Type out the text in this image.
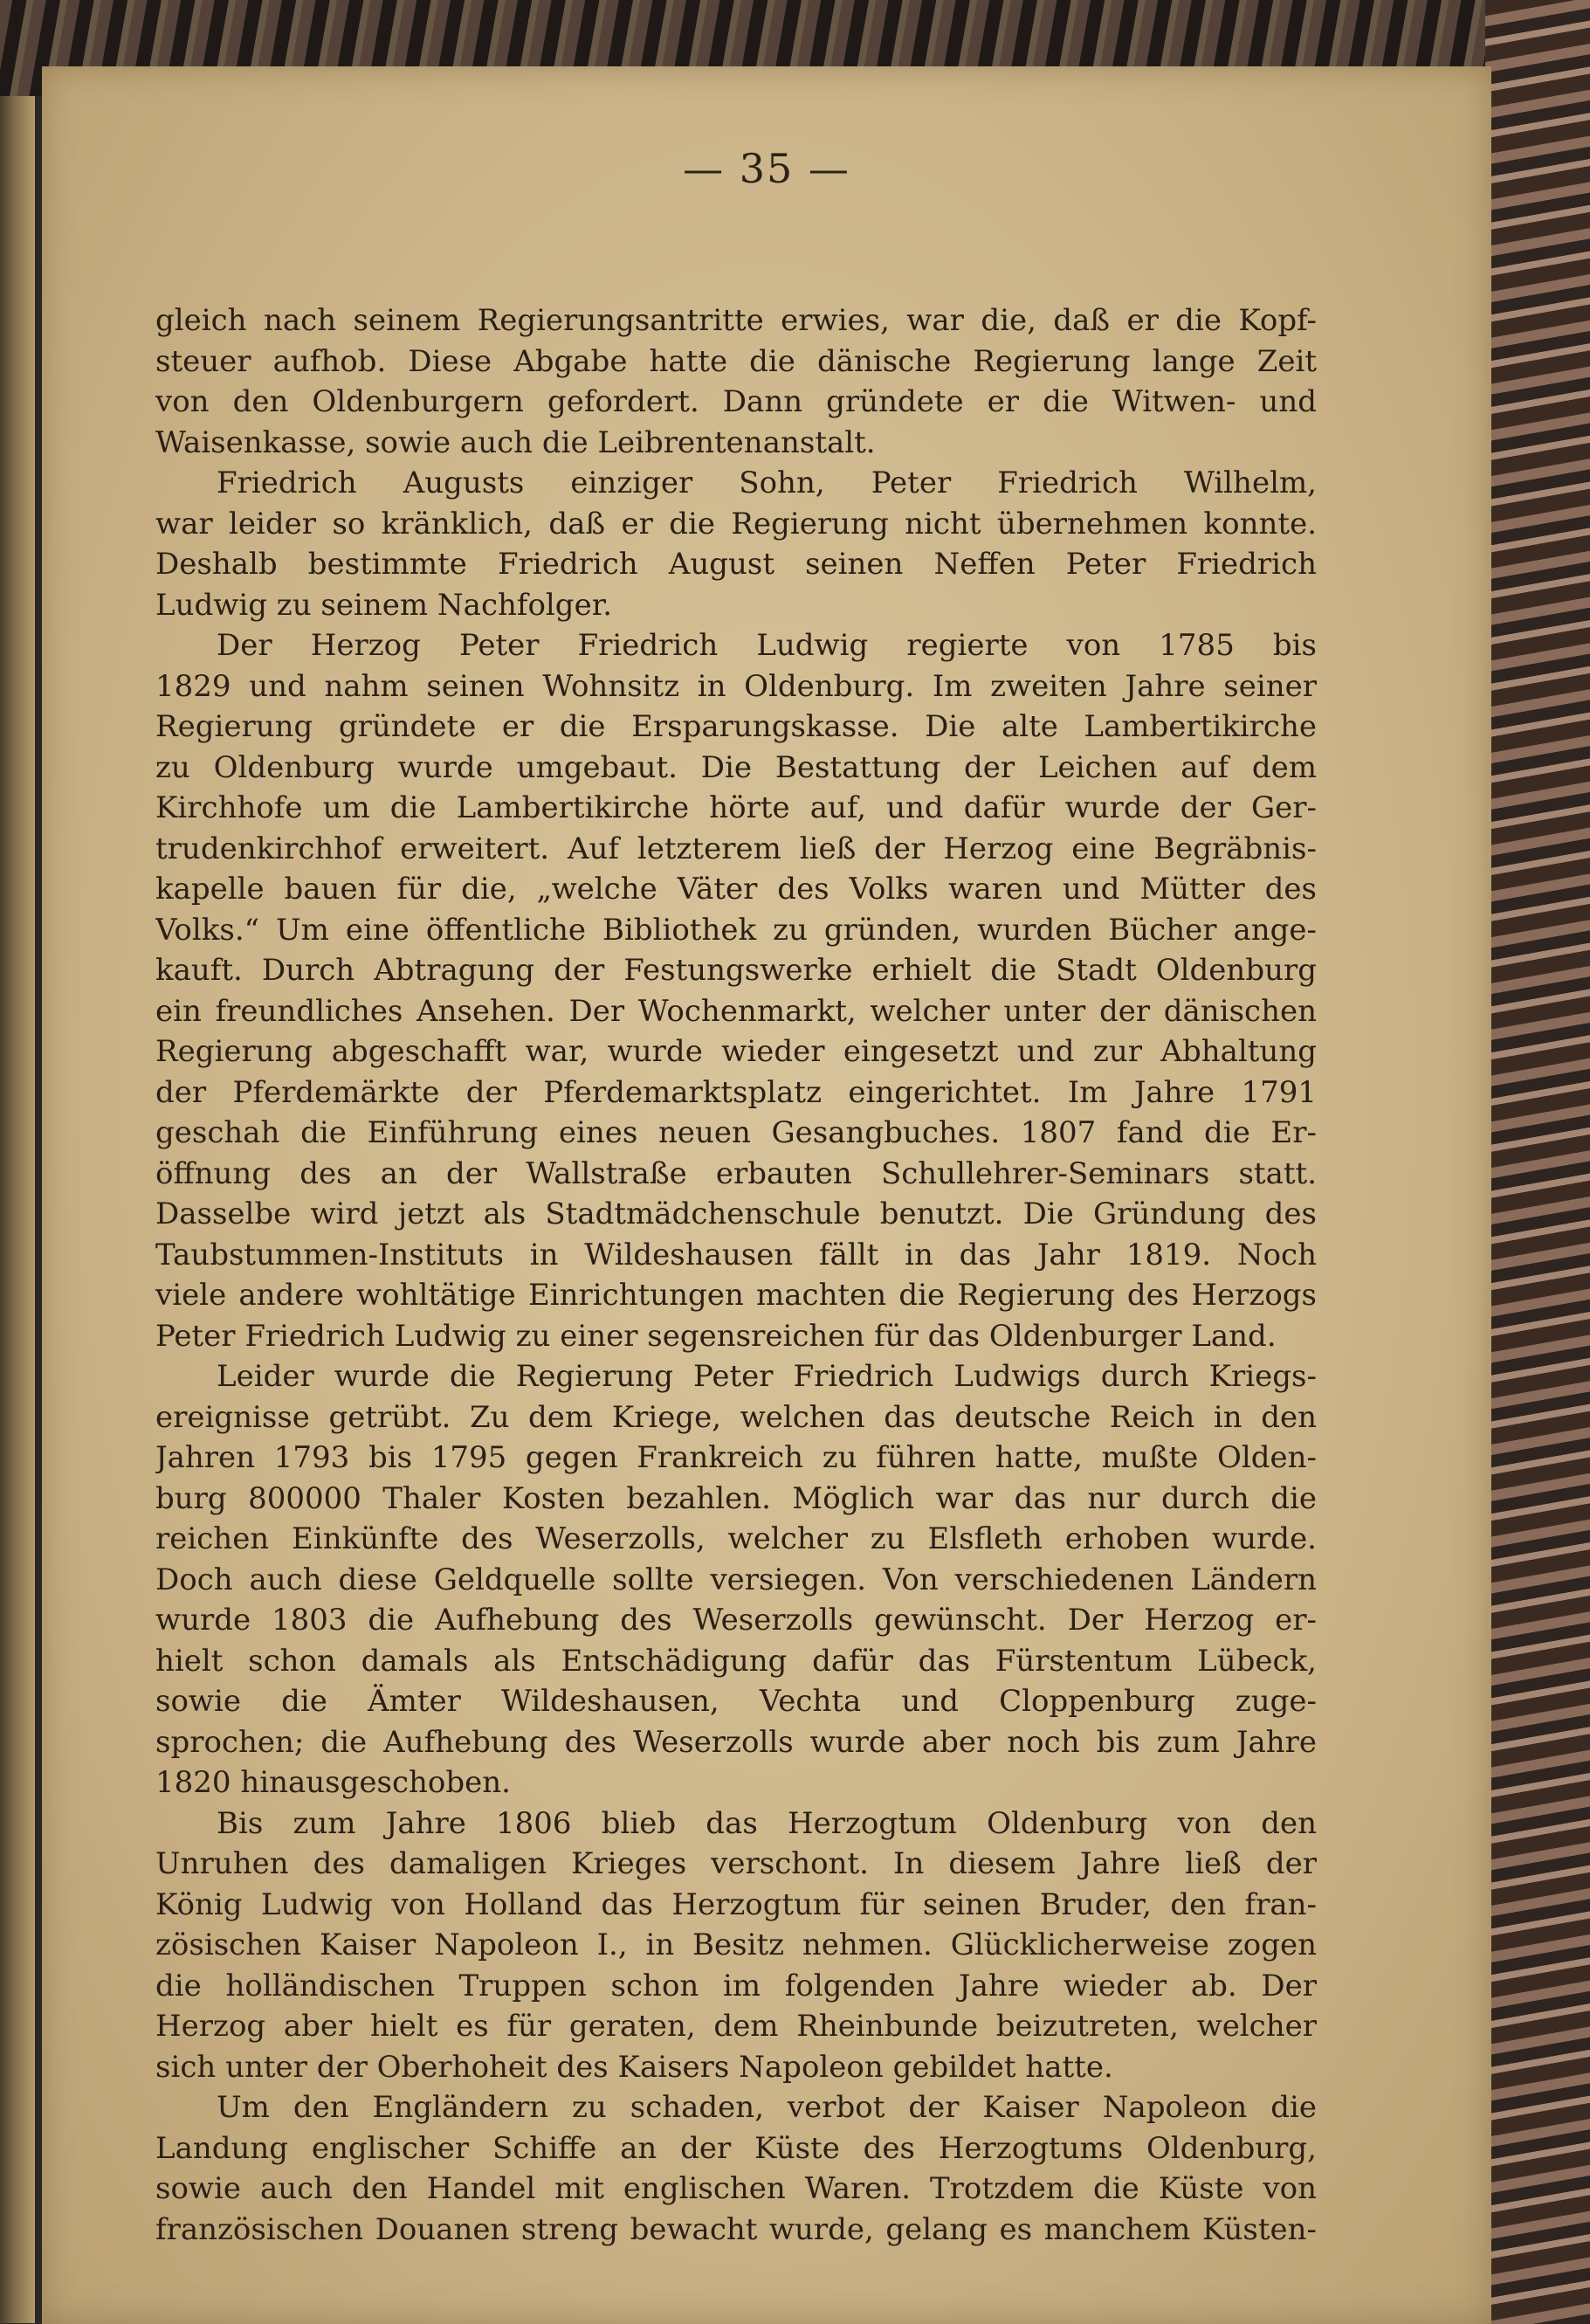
— 35 —
gleich nach seinem Regierungsantritte erwies, war die, daß er die Kopf-
steuer aufhob. Diese Abgabe hatte die dänische Regierung lange Zeit
von den Oldenburgern gefordert. Dann gründete er die Witwen- und
Waisenkasse, sowie auch die Leibrentenanstalt.
Friedrich Augusts einziger Sohn, Peter Friedrich Wilhelm,
war leider so kränklich, daß er die Regierung nicht übernehmen konnte.
Deshalb bestimmte Friedrich August seinen Neffen Peter Friedrich
Ludwig zu seinem Nachfolger.
Der Herzog Peter Friedrich Ludwig regierte von 1785 bis
1829 und nahm seinen Wohnsitz in Oldenburg. Im zweiten Jahre seiner
Regierung gründete er die Ersparungskasse. Die alte Lambertikirche
zu Oldenburg wurde umgebaut. Die Bestattung der Leichen auf dem
Kirchhofe um die Lambertikirche hörte auf, und dafür wurde der Ger-
trudenkirchhof erweitert. Auf letzterem ließ der Herzog eine Begräbnis-
kapelle bauen für die, „welche Väter des Volks waren und Mütter des
Volks.“ Um eine öffentliche Bibliothek zu gründen, wurden Bücher ange-
kauft. Durch Abtragung der Festungswerke erhielt die Stadt Oldenburg
ein freundliches Ansehen. Der Wochenmarkt, welcher unter der dänischen
Regierung abgeschafft war, wurde wieder eingesetzt und zur Abhaltung
der Pferdemärkte der Pferdemarktsplatz eingerichtet. Im Jahre 1791
geschah die Einführung eines neuen Gesangbuches. 1807 fand die Er-
öffnung des an der Wallstraße erbauten Schullehrer-Seminars statt.
Dasselbe wird jetzt als Stadtmädchenschule benutzt. Die Gründung des
Taubstummen-Instituts in Wildeshausen fällt in das Jahr 1819. Noch
viele andere wohltätige Einrichtungen machten die Regierung des Herzogs
Peter Friedrich Ludwig zu einer segensreichen für das Oldenburger Land.
Leider wurde die Regierung Peter Friedrich Ludwigs durch Kriegs-
ereignisse getrübt. Zu dem Kriege, welchen das deutsche Reich in den
Jahren 1793 bis 1795 gegen Frankreich zu führen hatte, mußte Olden-
burg 800000 Thaler Kosten bezahlen. Möglich war das nur durch die
reichen Einkünfte des Weserzolls, welcher zu Elsfleth erhoben wurde.
Doch auch diese Geldquelle sollte versiegen. Von verschiedenen Ländern
wurde 1803 die Aufhebung des Weserzolls gewünscht. Der Herzog er-
hielt schon damals als Entschädigung dafür das Fürstentum Lübeck,
sowie die Ämter Wildeshausen, Vechta und Cloppenburg zuge-
sprochen; die Aufhebung des Weserzolls wurde aber noch bis zum Jahre
1820 hinausgeschoben.
Bis zum Jahre 1806 blieb das Herzogtum Oldenburg von den
Unruhen des damaligen Krieges verschont. In diesem Jahre ließ der
König Ludwig von Holland das Herzogtum für seinen Bruder, den fran-
zösischen Kaiser Napoleon I., in Besitz nehmen. Glücklicherweise zogen
die holländischen Truppen schon im folgenden Jahre wieder ab. Der
Herzog aber hielt es für geraten, dem Rheinbunde beizutreten, welcher
sich unter der Oberhoheit des Kaisers Napoleon gebildet hatte.
Um den Engländern zu schaden, verbot der Kaiser Napoleon die
Landung englischer Schiffe an der Küste des Herzogtums Oldenburg,
sowie auch den Handel mit englischen Waren. Trotzdem die Küste von
französischen Douanen streng bewacht wurde, gelang es manchem Küsten-
